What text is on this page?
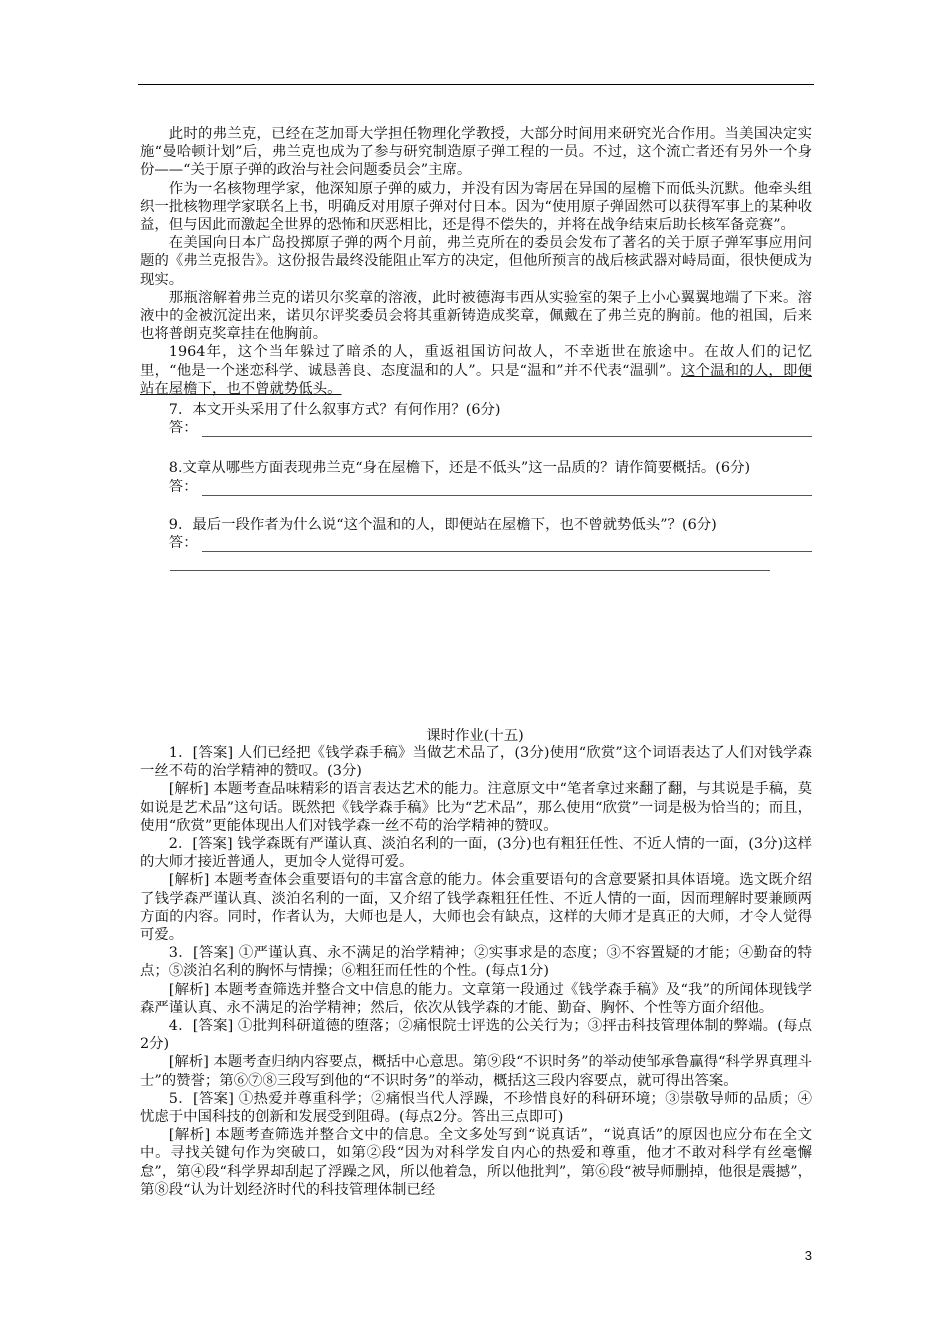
此时的弗兰克，已经在芝加哥大学担任物理化学教授，大部分时间用来研究光合作用。当美国决定实施“曼哈顿计划”后，弗兰克也成为了参与研究制造原子弹工程的一员。不过，这个流亡者还有另外一个身份——“关于原子弹的政治与社会问题委员会”主席。

作为一名核物理学家，他深知原子弹的威力，并没有因为寄居在异国的屋檐下而低头沉默。他牵头组织一批核物理学家联名上书，明确反对用原子弹对付日本。因为“使用原子弹固然可以获得军事上的某种收益，但与因此而激起全世界的恐怖和厌恶相比，还是得不偿失的，并将在战争结束后助长核军备竞赛”。

在美国向日本广岛投掷原子弹的两个月前，弗兰克所在的委员会发布了著名的关于原子弹军事应用问题的《弗兰克报告》。这份报告最终没能阻止军方的决定，但他所预言的战后核武器对峙局面，很快便成为现实。

那瓶溶解着弗兰克的诺贝尔奖章的溶液，此时被德海韦西从实验室的架子上小心翼翼地端了下来。溶液中的金被沉淀出来，诺贝尔评奖委员会将其重新铸造成奖章，佩戴在了弗兰克的胸前。他的祖国，后来也将普朗克奖章挂在他胸前。

1964年，这个当年躲过了暗杀的人，重返祖国访问故人，不幸逝世在旅途中。在故人们的记忆里，“他是一个迷恋科学、诚恳善良、态度温和的人”。只是“温和”并不代表“温驯”。这个温和的人，即便站在屋檐下，也不曾就势低头。

7．本文开头采用了什么叙事方式？有何作用？(6分)

答：

8.文章从哪些方面表现弗兰克“身在屋檐下，还是不低头”这一品质的？请作简要概括。(6分)

答：

9．最后一段作者为什么说“这个温和的人，即便站在屋檐下，也不曾就势低头”？(6分)

答：
课时作业(十五)

1．[答案] 人们已经把《钱学森手稿》当做艺术品了，(3分)使用“欣赏”这个词语表达了人们对钱学森一丝不苟的治学精神的赞叹。(3分)

[解析] 本题考查品味精彩的语言表达艺术的能力。注意原文中“笔者拿过来翻了翻，与其说是手稿，莫如说是艺术品”这句话。既然把《钱学森手稿》比为“艺术品”，那么使用“欣赏”一词是极为恰当的；而且，使用“欣赏”更能体现出人们对钱学森一丝不苟的治学精神的赞叹。

2．[答案] 钱学森既有严谨认真、淡泊名利的一面，(3分)也有粗狂任性、不近人情的一面，(3分)这样的大师才接近普通人，更加令人觉得可爱。

[解析] 本题考查体会重要语句的丰富含意的能力。体会重要语句的含意要紧扣具体语境。选文既介绍了钱学森严谨认真、淡泊名利的一面，又介绍了钱学森粗狂任性、不近人情的一面，因而理解时要兼顾两方面的内容。同时，作者认为，大师也是人，大师也会有缺点，这样的大师才是真正的大师，才令人觉得可爱。

3．[答案] ①严谨认真、永不满足的治学精神；②实事求是的态度；③不容置疑的才能；④勤奋的特点；⑤淡泊名利的胸怀与情操；⑥粗狂而任性的个性。(每点1分)

[解析] 本题考查筛选并整合文中信息的能力。文章第一段通过《钱学森手稿》及“我”的所闻体现钱学森严谨认真、永不满足的治学精神；然后，依次从钱学森的才能、勤奋、胸怀、个性等方面介绍他。

4．[答案] ①批判科研道德的堕落；②痛恨院士评选的公关行为；③抨击科技管理体制的弊端。(每点2分)

[解析] 本题考查归纳内容要点，概括中心意思。第⑨段“不识时务”的举动使邹承鲁赢得“科学界真理斗士”的赞誉；第⑥⑦⑧三段写到他的“不识时务”的举动，概括这三段内容要点，就可得出答案。

5．[答案] ①热爱并尊重科学；②痛恨当代人浮躁，不珍惜良好的科研环境；③崇敬导师的品质；④忧虑于中国科技的创新和发展受到阻碍。(每点2分。答出三点即可)

[解析] 本题考查筛选并整合文中的信息。全文多处写到“说真话”，“说真话”的原因也应分布在全文中。寻找关键句作为突破口，如第②段“因为对科学发自内心的热爱和尊重，他才不敢对科学有丝毫懈怠”，第④段“科学界却刮起了浮躁之风，所以他着急，所以他批判”，第⑥段“被导师删掉，他很是震撼”，第⑧段“认为计划经济时代的科技管理体制已经

3
